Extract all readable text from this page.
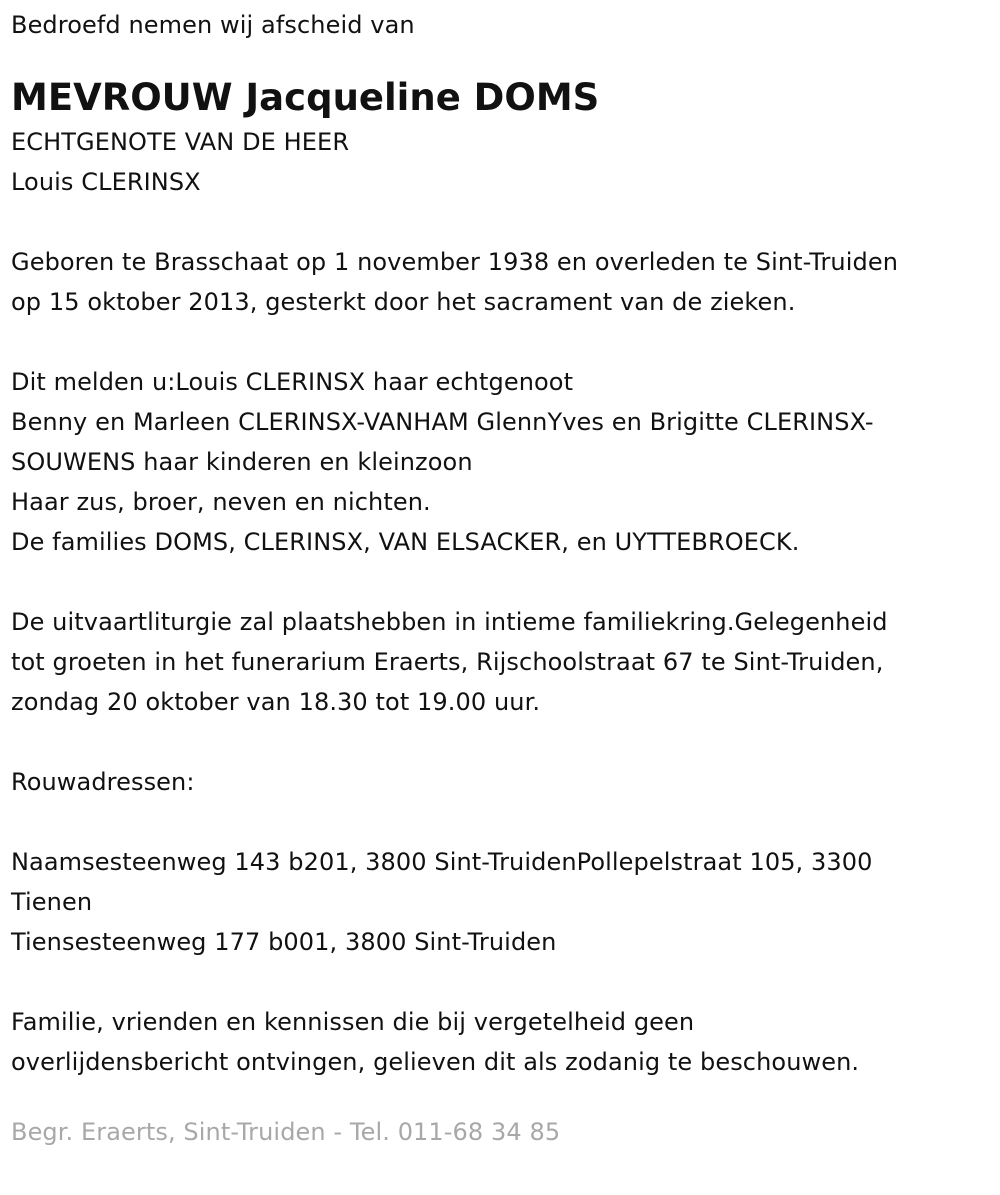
Bedroefd nemen wij afscheid van
MEVROUW Jacqueline DOMS
ECHTGENOTE VAN DE HEER
Louis CLERINSX
Geboren te Brasschaat op 1 november 1938 en overleden te Sint-Truiden
op 15 oktober 2013, gesterkt door het sacrament van de zieken.
Dit melden u:Louis CLERINSX haar echtgenoot
Benny en Marleen CLERINSX-VANHAM GlennYves en Brigitte CLERINSX-
SOUWENS haar kinderen en kleinzoon
Haar zus, broer, neven en nichten.
De families DOMS, CLERINSX, VAN ELSACKER, en UYTTEBROECK.
De uitvaartliturgie zal plaatshebben in intieme familiekring.Gelegenheid
tot groeten in het funerarium Eraerts, Rijschoolstraat 67 te Sint-Truiden,
zondag 20 oktober van 18.30 tot 19.00 uur.
Rouwadressen:
Naamsesteenweg 143 b201, 3800 Sint-TruidenPollepelstraat 105, 3300
Tienen
Tiensesteenweg 177 b001, 3800 Sint-Truiden
Familie, vrienden en kennissen die bij vergetelheid geen
overlijdensbericht ontvingen, gelieven dit als zodanig te beschouwen.
Begr. Eraerts, Sint-Truiden - Tel. 011-68 34 85
